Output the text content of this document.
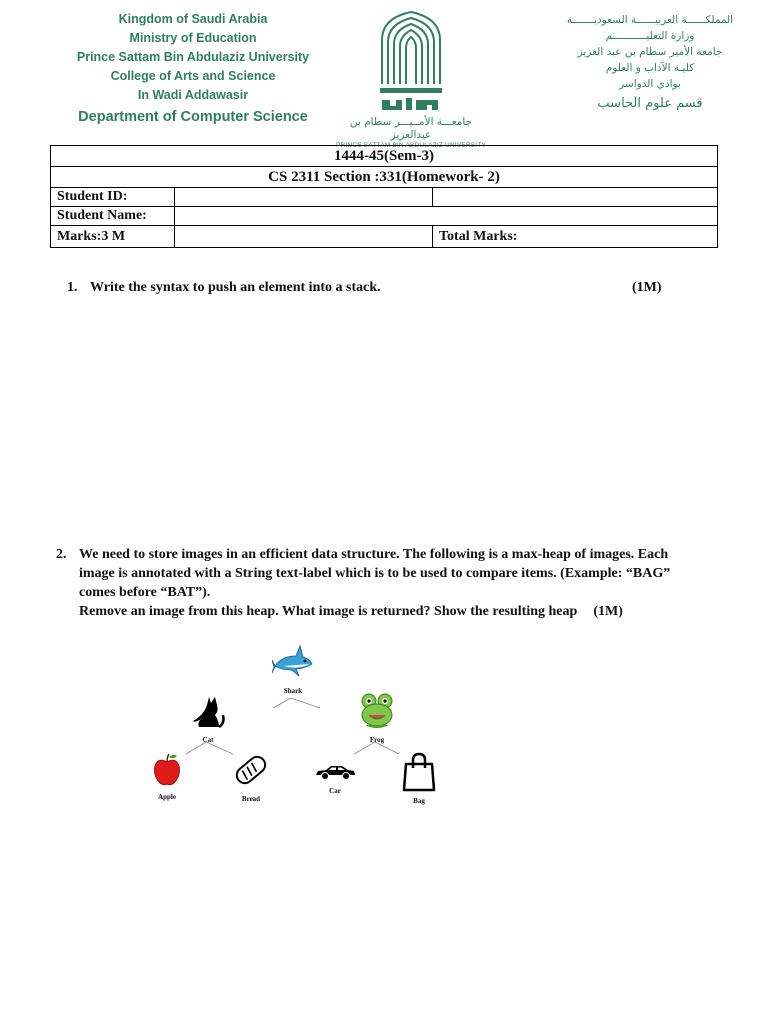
Kingdom of Saudi Arabia
Ministry of Education
Prince Sattam Bin Abdulaziz University
College of Arts and Science
In Wadi Addawasir
Department of Computer Science	جامعـــة الأمــيـــر سطام بن عبدالعزيز
PRINCE SATTAM BIN ABDULAZIZ UNIVERSITY
المملكــــــة العربيــــــة السعوديـــــــة
وزارة التعليـــــــــــم
جامعة الأمير سطام بن عبد العزيز
كليـة الآداب و العلوم
بوادي الدواسر
قسم علوم الحاسب
1444-45(Sem-3)		
CS 2311 Section :331(Homework- 2)		
Student ID:		
Student Name:		
Marks:3 M		Total Marks:
1. Write the syntax to push an element into a stack.	(1M)
2. We need to store images in an efficient data structure. The following is a max-heap of images. Each image is annotated with a String text-label which is to be used to compare items. (Example: “BAG” comes before “BAT”).
Remove an image from this heap. What image is returned? Show the resulting heap (1M)
Shark
Cat	Frog
Apple	Bread
Car
Bag
